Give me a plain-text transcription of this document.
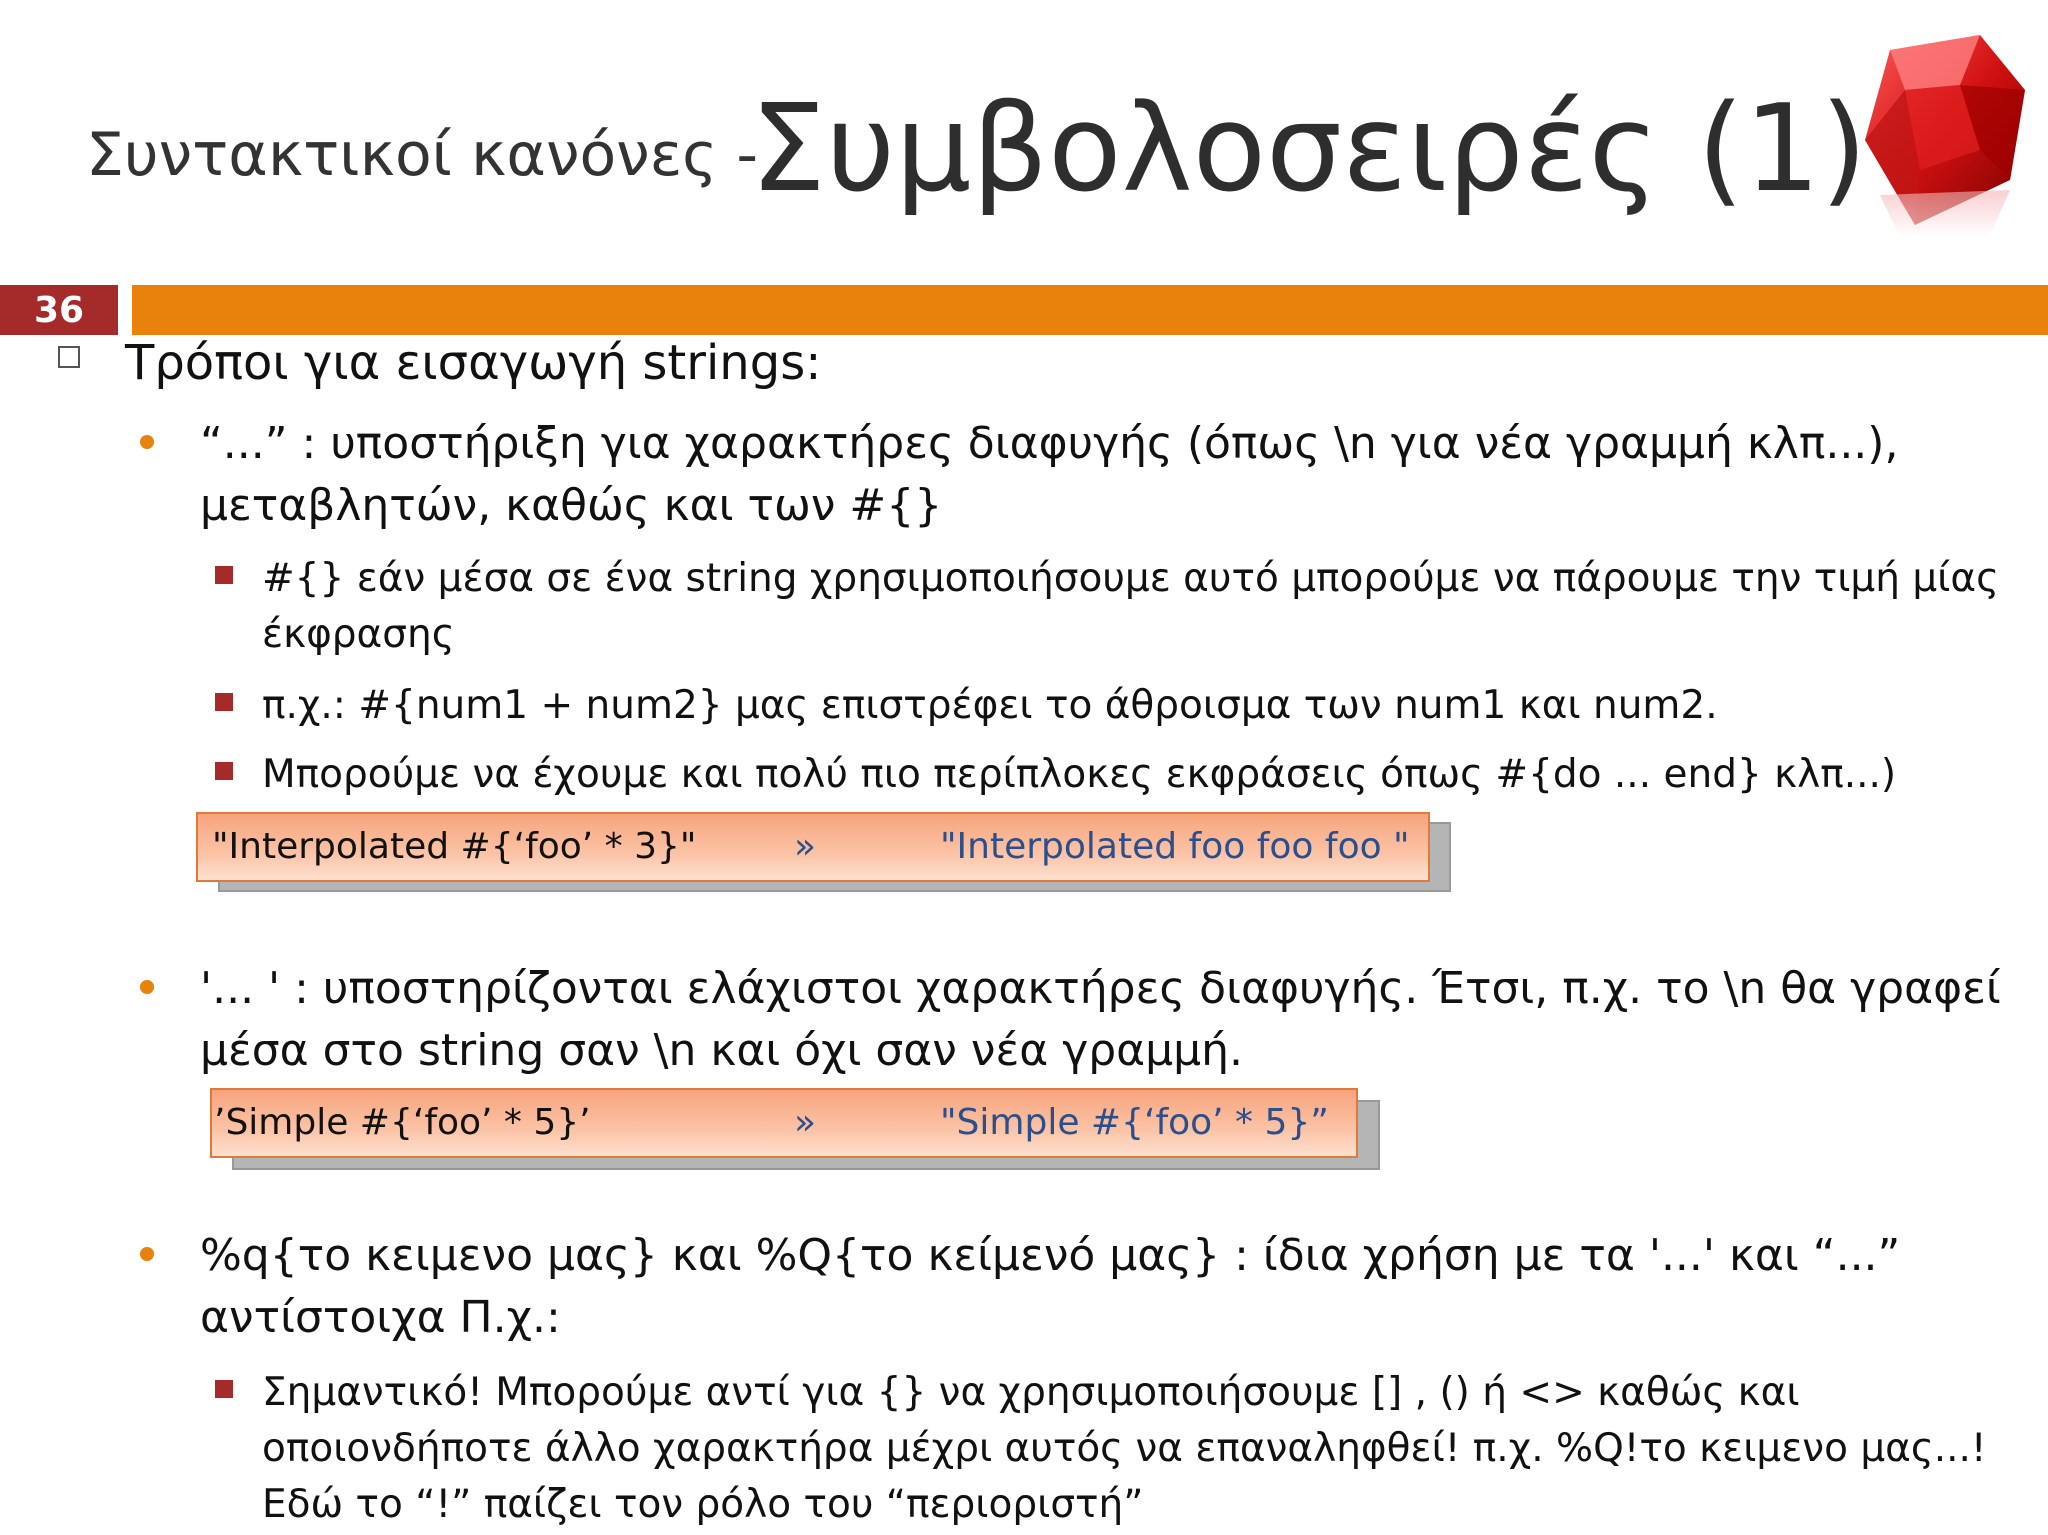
Συντακτικοί κανόνες -
Συμβολοσειρές (1)
36
Τρόποι για εισαγωγή strings:
“...” : υποστήριξη για χαρακτήρες διαφυγής (όπως \n για νέα γραμμή κλπ...),
μεταβλητών, καθώς και των #{}
#{} εάν μέσα σε ένα string χρησιμοποιήσουμε αυτό μπορούμε να πάρουμε την τιμή μίας
έκφρασης
π.χ.: #{num1 + num2} μας επιστρέφει το άθροισμα των num1 και num2.
Μπορούμε να έχουμε και πολύ πιο περίπλοκες εκφράσεις όπως #{do ... end} κλπ...)
"Interpolated #{‘foo’ * 3}"	»	"Interpolated foo foo foo "
'... ' : υποστηρίζονται ελάχιστοι χαρακτήρες διαφυγής. Έτσι, π.χ. το \n θα γραφεί
μέσα στο string σαν \n και όχι σαν νέα γραμμή.
’Simple #{‘foo’ * 5}’	»	"Simple #{‘foo’ * 5}”
%q{το κειμενο μας} και %Q{το κείμενό μας} : ίδια χρήση με τα '...' και “...”
αντίστοιχα Π.χ.:
Σημαντικό! Μπορούμε αντί για {} να χρησιμοποιήσουμε [] , () ή <> καθώς και
οποιονδήποτε άλλο χαρακτήρα μέχρι αυτός να επαναληφθεί! π.χ. %Q!το κειμενο μας...!
Εδώ το “!” παίζει τον ρόλο του “περιοριστή”
